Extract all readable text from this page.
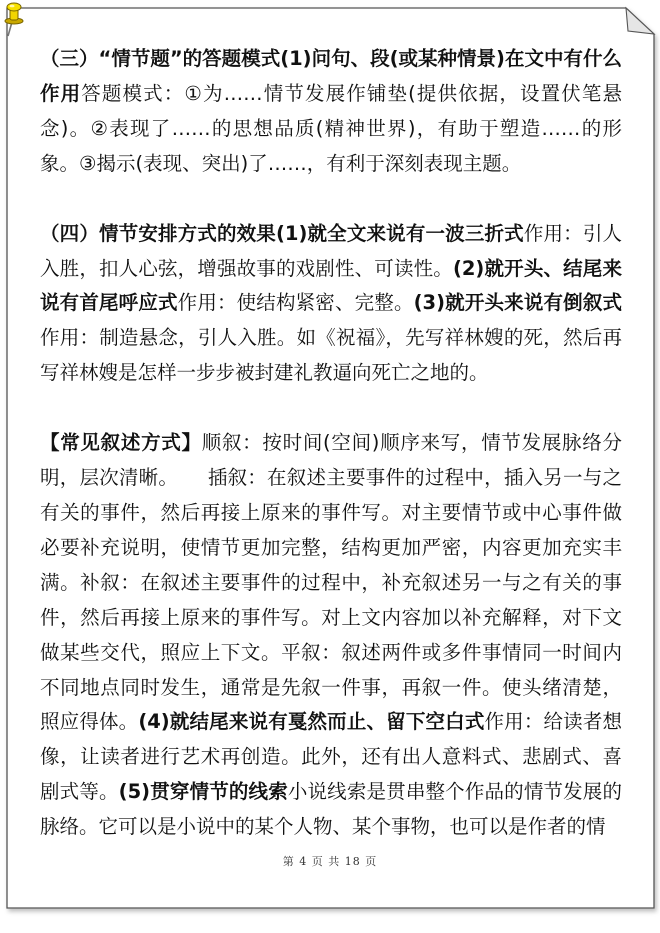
（三）“情节题”的答题模式(1)问句、段(或某种情景)在文中有什么作用答题模式：①为……情节发展作铺垫(提供依据，设置伏笔悬念)。②表现了……的思想品质(精神世界)，有助于塑造……的形象。③揭示(表现、突出)了……，有利于深刻表现主题。

（四）情节安排方式的效果(1)就全文来说有一波三折式作用：引人入胜，扣人心弦，增强故事的戏剧性、可读性。(2)就开头、结尾来说有首尾呼应式作用：使结构紧密、完整。(3)就开头来说有倒叙式作用：制造悬念，引人入胜。如《祝福》，先写祥林嫂的死，然后再写祥林嫂是怎样一步步被封建礼教逼向死亡之地的。

【常见叙述方式】顺叙：按时间(空间)顺序来写，情节发展脉络分明，层次清晰。　　插叙：在叙述主要事件的过程中，插入另一与之有关的事件，然后再接上原来的事件写。对主要情节或中心事件做必要补充说明，使情节更加完整，结构更加严密，内容更加充实丰满。补叙：在叙述主要事件的过程中，补充叙述另一与之有关的事件，然后再接上原来的事件写。对上文内容加以补充解释，对下文做某些交代，照应上下文。平叙：叙述两件或多件事情同一时间内不同地点同时发生，通常是先叙一件事，再叙一件。使头绪清楚，照应得体。(4)就结尾来说有戛然而止、留下空白式作用：给读者想像，让读者进行艺术再创造。此外，还有出人意料式、悲剧式、喜剧式等。(5)贯穿情节的线索小说线索是贯串整个作品的情节发展的脉络。它可以是小说中的某个人物、某个事物，也可以是作者的情

第 4 页 共 18 页
